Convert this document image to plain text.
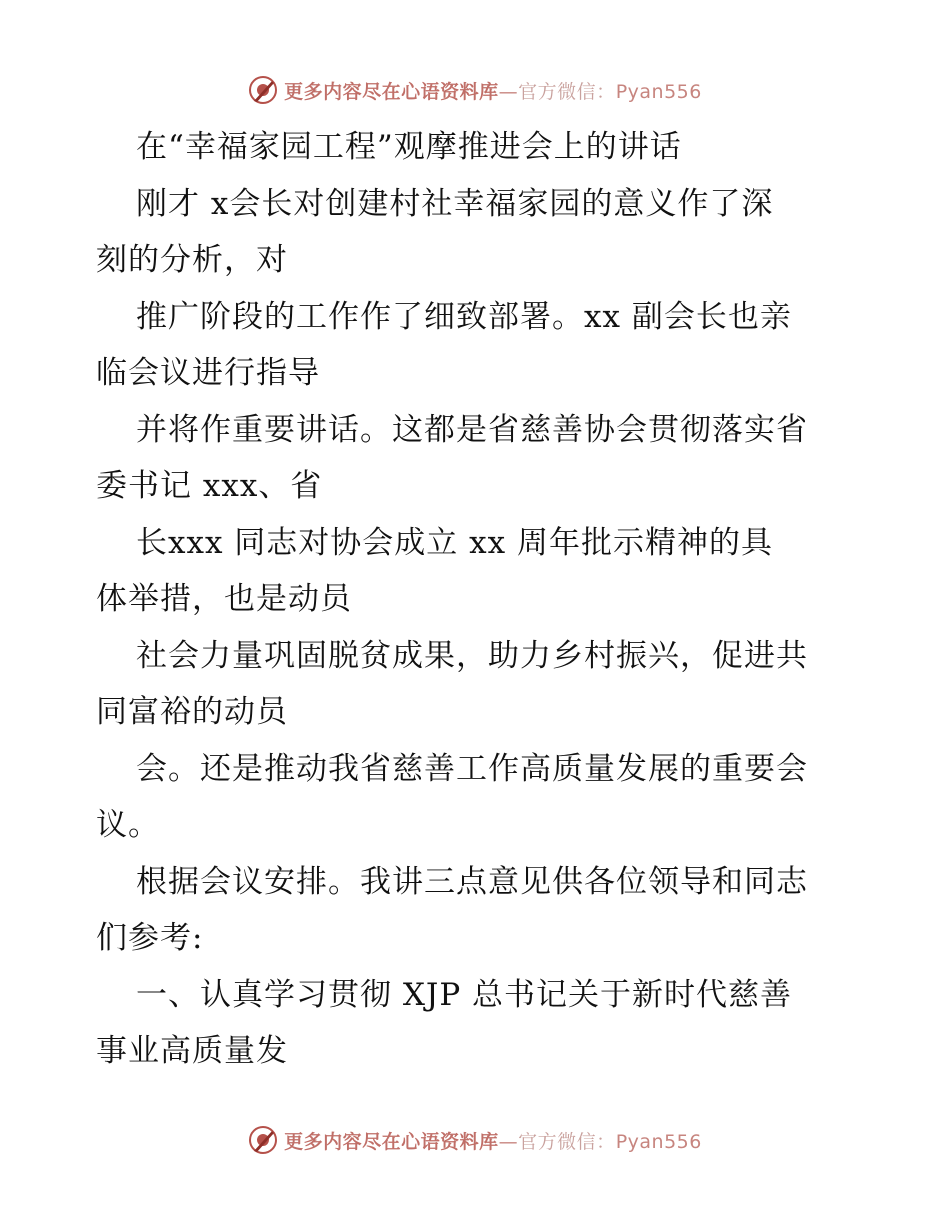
更多内容尽在心语资料库—官方微信：Pyan556
在“幸福家园工程”观摩推进会上的讲话
刚才 x会长对创建村社幸福家园的意义作了深
刻的分析，对
推广阶段的工作作了细致部署。xx 副会长也亲
临会议进行指导
并将作重要讲话。这都是省慈善协会贯彻落实省
委书记 xxx、省
长xxx 同志对协会成立 xx 周年批示精神的具
体举措，也是动员
社会力量巩固脱贫成果，助力乡村振兴，促进共
同富裕的动员
会。还是推动我省慈善工作高质量发展的重要会
议。
根据会议安排。我讲三点意见供各位领导和同志
们参考:
一、认真学习贯彻 XJP 总书记关于新时代慈善
事业高质量发
更多内容尽在心语资料库—官方微信：Pyan556
